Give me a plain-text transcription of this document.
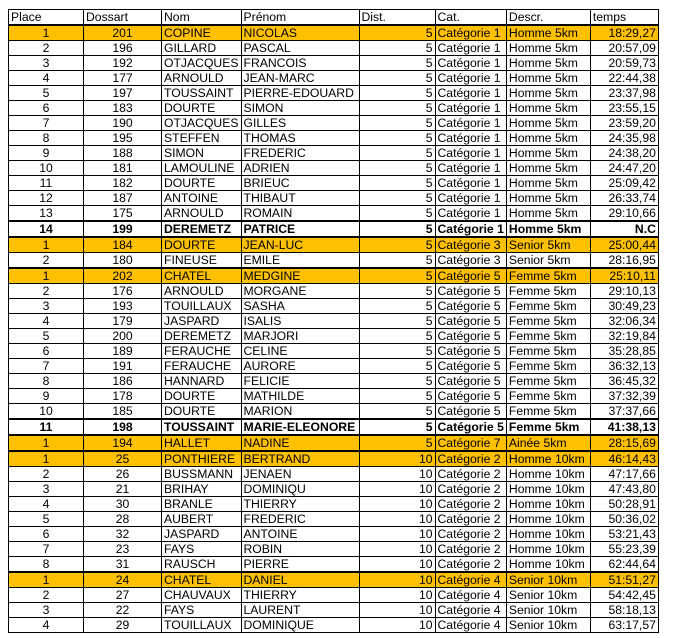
Place	Dossart	Nom	Prénom	Dist.	Cat.	Descr.	temps
1	201	COPINE	NICOLAS	5	Catégorie 1	Homme 5km	18:29,27
2	196	GILLARD	PASCAL	5	Catégorie 1	Homme 5km	20:57,09
3	192	OTJACQUES	FRANCOIS	5	Catégorie 1	Homme 5km	20:59,73
4	177	ARNOULD	JEAN-MARC	5	Catégorie 1	Homme 5km	22:44,38
5	197	TOUSSAINT	PIERRE-EDOUARD	5	Catégorie 1	Homme 5km	23:37,98
6	183	DOURTE	SIMON	5	Catégorie 1	Homme 5km	23:55,15
7	190	OTJACQUES	GILLES	5	Catégorie 1	Homme 5km	23:59,20
8	195	STEFFEN	THOMAS	5	Catégorie 1	Homme 5km	24:35,98
9	188	SIMON	FREDERIC	5	Catégorie 1	Homme 5km	24:38,20
10	181	LAMOULINE	ADRIEN	5	Catégorie 1	Homme 5km	24:47,20
11	182	DOURTE	BRIEUC	5	Catégorie 1	Homme 5km	25:09,42
12	187	ANTOINE	THIBAUT	5	Catégorie 1	Homme 5km	26:33,74
13	175	ARNOULD	ROMAIN	5	Catégorie 1	Homme 5km	29:10,66
14	199	DEREMETZ	PATRICE	5	Catégorie 1	Homme 5km	N.C
1	184	DOURTE	JEAN-LUC	5	Catégorie 3	Senior 5km	25:00,44
2	180	FINEUSE	EMILE	5	Catégorie 3	Senior 5km	28:16,95
1	202	CHATEL	MEDGINE	5	Catégorie 5	Femme 5km	25:10,11
2	176	ARNOULD	MORGANE	5	Catégorie 5	Femme 5km	29:10,13
3	193	TOUILLAUX	SASHA	5	Catégorie 5	Femme 5km	30:49,23
4	179	JASPARD	ISALIS	5	Catégorie 5	Femme 5km	32:06,34
5	200	DEREMETZ	MARJORI	5	Catégorie 5	Femme 5km	32:19,84
6	189	FERAUCHE	CELINE	5	Catégorie 5	Femme 5km	35:28,85
7	191	FERAUCHE	AURORE	5	Catégorie 5	Femme 5km	36:32,13
8	186	HANNARD	FELICIE	5	Catégorie 5	Femme 5km	36:45,32
9	178	DOURTE	MATHILDE	5	Catégorie 5	Femme 5km	37:32,39
10	185	DOURTE	MARION	5	Catégorie 5	Femme 5km	37:37,66
11	198	TOUSSAINT	MARIE-ELEONORE	5	Catégorie 5	Femme 5km	41:38,13
1	194	HALLET	NADINE	5	Catégorie 7	Ainée 5km	28:15,69
1	25	PONTHIERE	BERTRAND	10	Catégorie 2	Homme 10km	46:14,43
2	26	BUSSMANN	JENAEN	10	Catégorie 2	Homme 10km	47:17,66
3	21	BRIHAY	DOMINIQU	10	Catégorie 2	Homme 10km	47:43,80
4	30	BRANLE	THIERRY	10	Catégorie 2	Homme 10km	50:28,91
5	28	AUBERT	FREDERIC	10	Catégorie 2	Homme 10km	50:36,02
6	32	JASPARD	ANTOINE	10	Catégorie 2	Homme 10km	53:21,43
7	23	FAYS	ROBIN	10	Catégorie 2	Homme 10km	55:23,39
8	31	RAUSCH	PIERRE	10	Catégorie 2	Homme 10km	62:44,64
1	24	CHATEL	DANIEL	10	Catégorie 4	Senior 10km	51:51,27
2	27	CHAUVAUX	THIERRY	10	Catégorie 4	Senior 10km	54:42,45
3	22	FAYS	LAURENT	10	Catégorie 4	Senior 10km	58:18,13
4	29	TOUILLAUX	DOMINIQUE	10	Catégorie 4	Senior 10km	63:17,57
